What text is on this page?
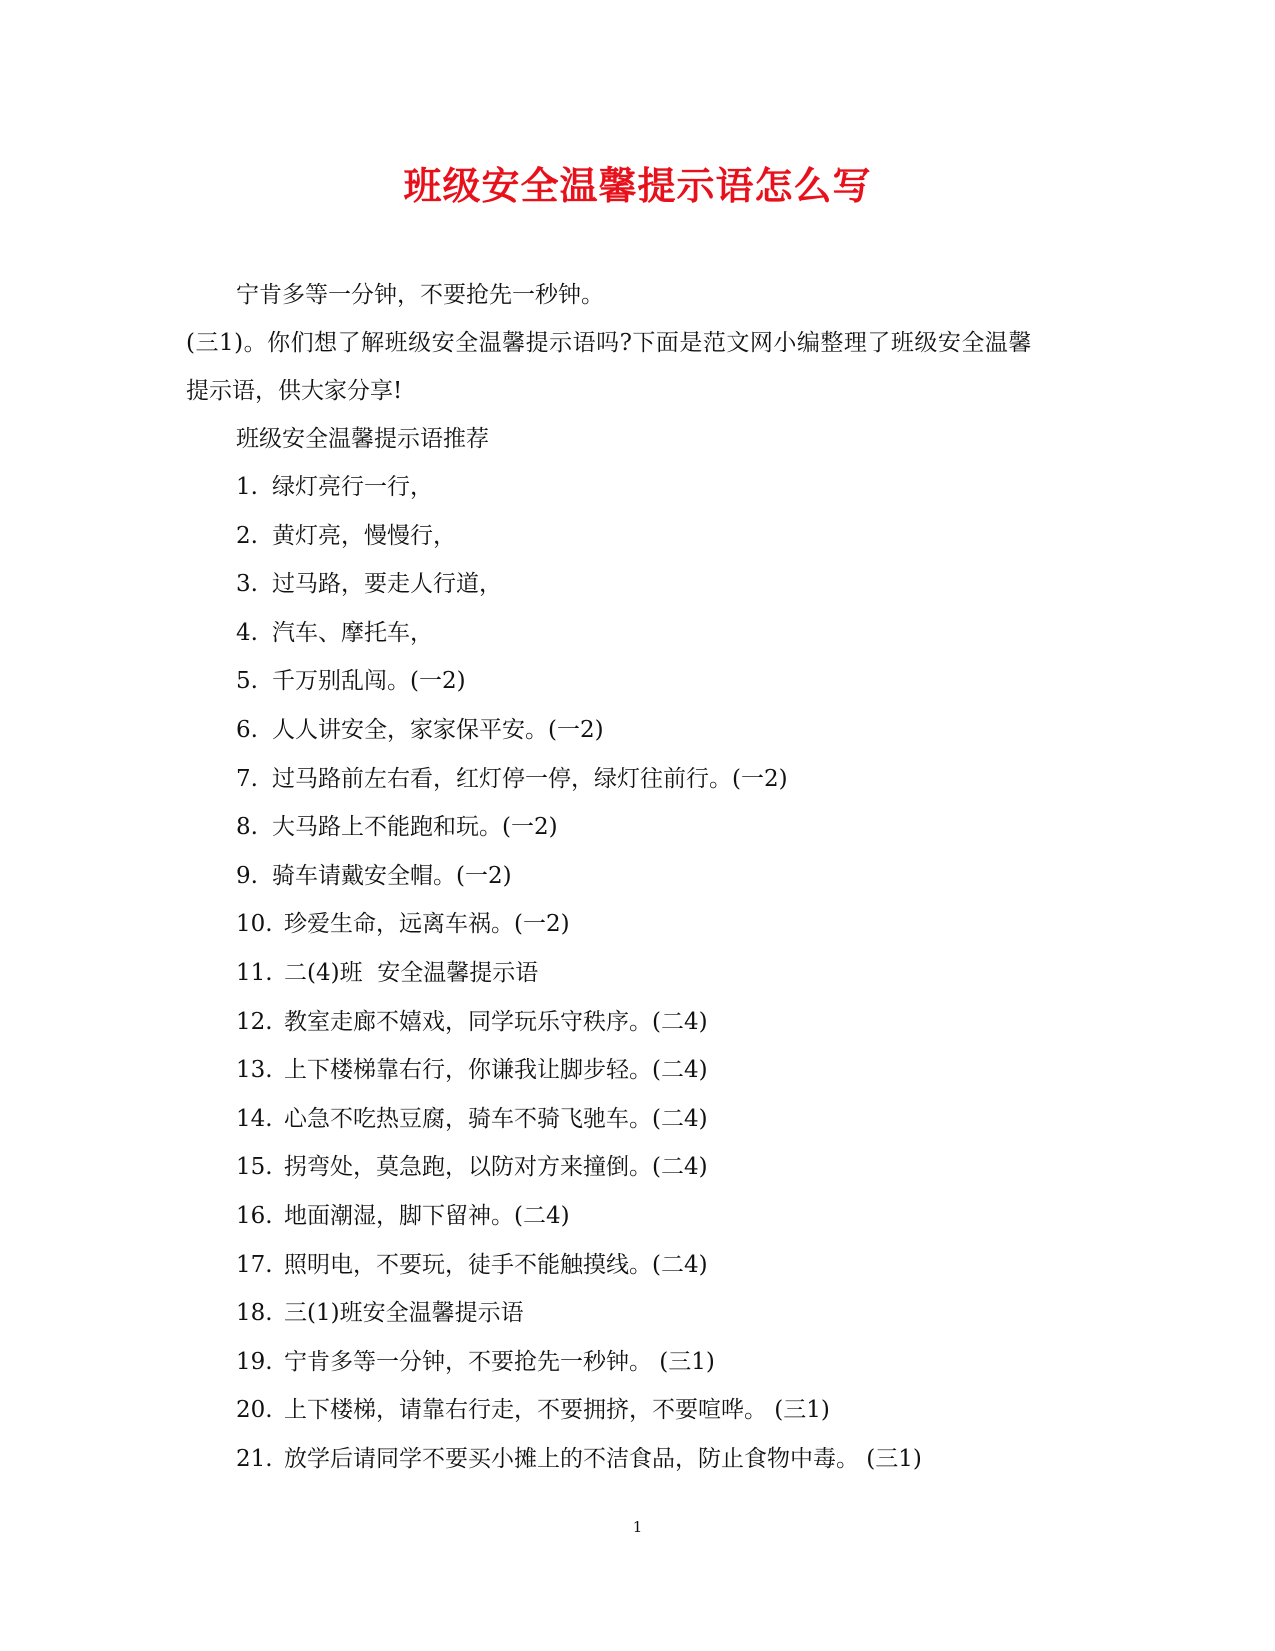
班级安全温馨提示语怎么写
宁肯多等一分钟，不要抢先一秒钟。
(三1)。你们想了解班级安全温馨提示语吗?下面是范文网小编整理了班级安全温馨
提示语，供大家分享!
班级安全温馨提示语推荐
1. 绿灯亮行一行，
2. 黄灯亮，慢慢行，
3. 过马路，要走人行道，
4. 汽车、摩托车，
5. 千万别乱闯。(一2)
6. 人人讲安全，家家保平安。(一2)
7. 过马路前左右看，红灯停一停，绿灯往前行。(一2)
8. 大马路上不能跑和玩。(一2)
9. 骑车请戴安全帽。(一2)
10. 珍爱生命，远离车祸。(一2)
11. 二(4)班  安全温馨提示语
12. 教室走廊不嬉戏，同学玩乐守秩序。(二4)
13. 上下楼梯靠右行，你谦我让脚步轻。(二4)
14. 心急不吃热豆腐，骑车不骑飞驰车。(二4)
15. 拐弯处，莫急跑，以防对方来撞倒。(二4)
16. 地面潮湿，脚下留神。(二4)
17. 照明电，不要玩，徒手不能触摸线。(二4)
18. 三(1)班安全温馨提示语
19. 宁肯多等一分钟，不要抢先一秒钟。 (三1)
20. 上下楼梯，请靠右行走，不要拥挤，不要喧哗。 (三1)
21. 放学后请同学不要买小摊上的不洁食品，防止食物中毒。 (三1)
1
